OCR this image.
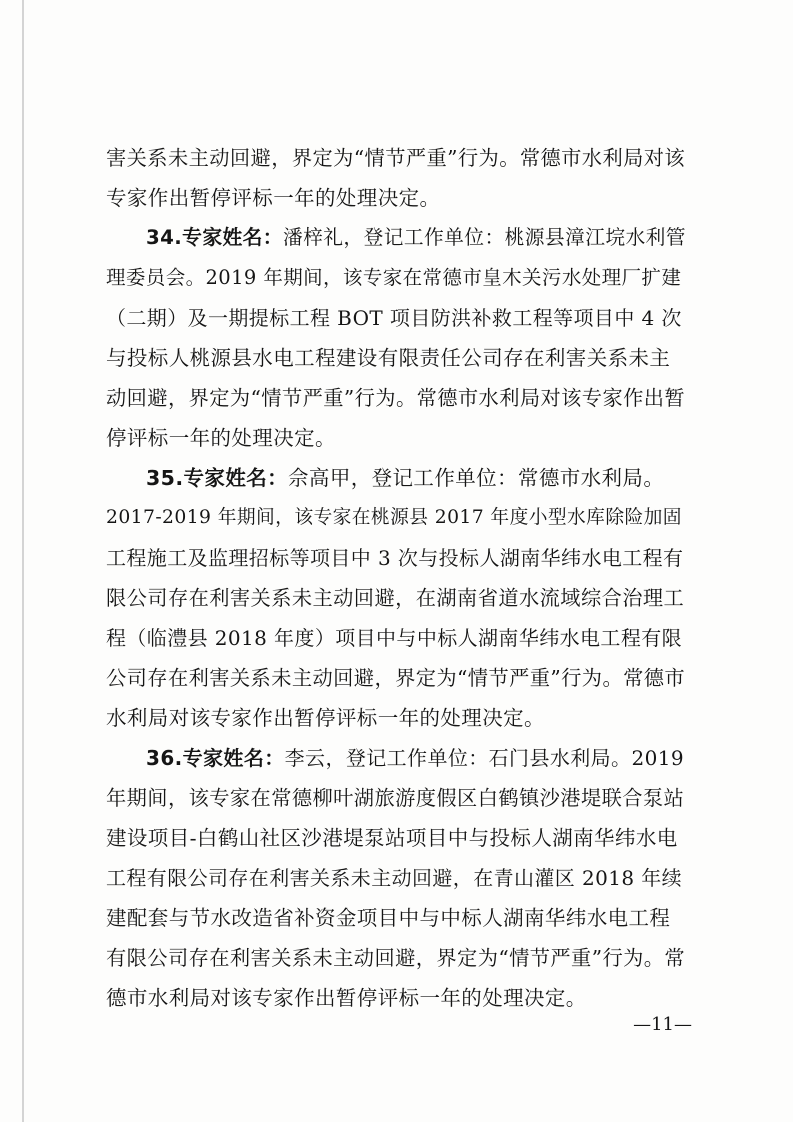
害关系未主动回避，界定为“情节严重”行为。常德市水利局对该
专家作出暂停评标一年的处理决定。
34.专家姓名：潘梓礼，登记工作单位：桃源县漳江垸水利管
理委员会。2019 年期间，该专家在常德市皇木关污水处理厂扩建
（二期）及一期提标工程 BOT 项目防洪补救工程等项目中 4 次
与投标人桃源县水电工程建设有限责任公司存在利害关系未主
动回避，界定为“情节严重”行为。常德市水利局对该专家作出暂
停评标一年的处理决定。
35.专家姓名：佘高甲，登记工作单位：常德市水利局。
2017-2019 年期间，该专家在桃源县 2017 年度小型水库除险加固
工程施工及监理招标等项目中 3 次与投标人湖南华纬水电工程有
限公司存在利害关系未主动回避，在湖南省道水流域综合治理工
程（临澧县 2018 年度）项目中与中标人湖南华纬水电工程有限
公司存在利害关系未主动回避，界定为“情节严重”行为。常德市
水利局对该专家作出暂停评标一年的处理决定。
36.专家姓名：李云，登记工作单位：石门县水利局。2019
年期间，该专家在常德柳叶湖旅游度假区白鹤镇沙港堤联合泵站
建设项目-白鹤山社区沙港堤泵站项目中与投标人湖南华纬水电
工程有限公司存在利害关系未主动回避，在青山灌区 2018 年续
建配套与节水改造省补资金项目中与中标人湖南华纬水电工程
有限公司存在利害关系未主动回避，界定为“情节严重”行为。常
德市水利局对该专家作出暂停评标一年的处理决定。
—11—
